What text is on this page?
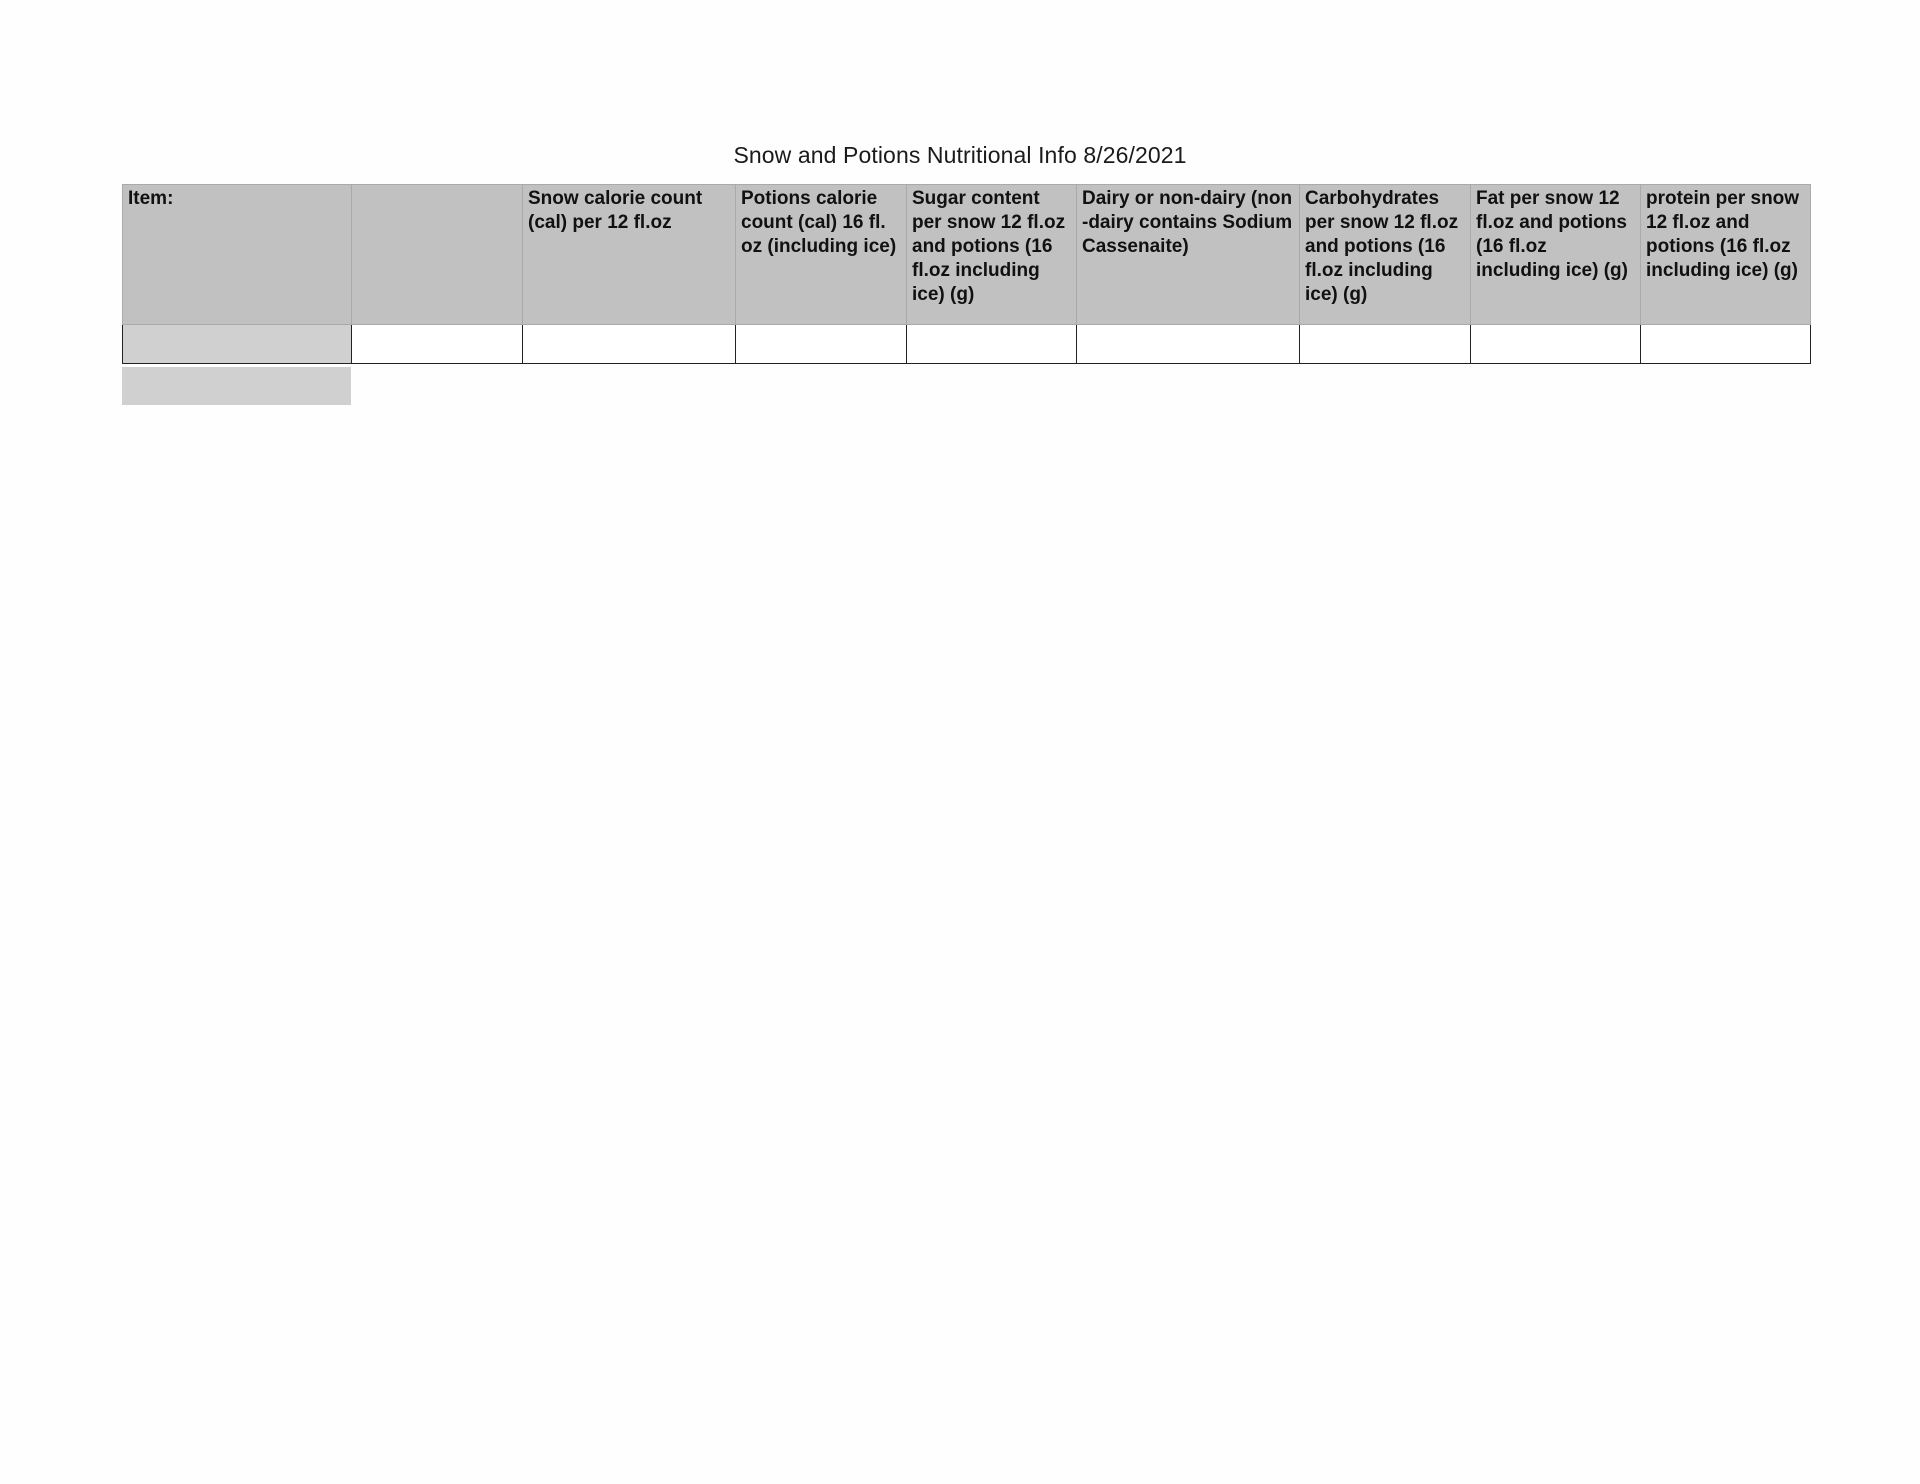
Snow and Potions Nutritional Info 8/26/2021
Item:		Snow calorie count (cal) per 12 fl.oz	Potions calorie count (cal) 16 fl. oz (including ice)	Sugar content per snow 12 fl.oz and potions (16 fl.oz including ice) (g)	Dairy or non-dairy (non -dairy contains Sodium Cassenaite)	Carbohydrates per snow 12 fl.oz and potions (16 fl.oz including ice) (g)	Fat per snow 12 fl.oz and potions (16 fl.oz including ice) (g)	protein per snow 12 fl.oz and potions (16 fl.oz including ice) (g)
